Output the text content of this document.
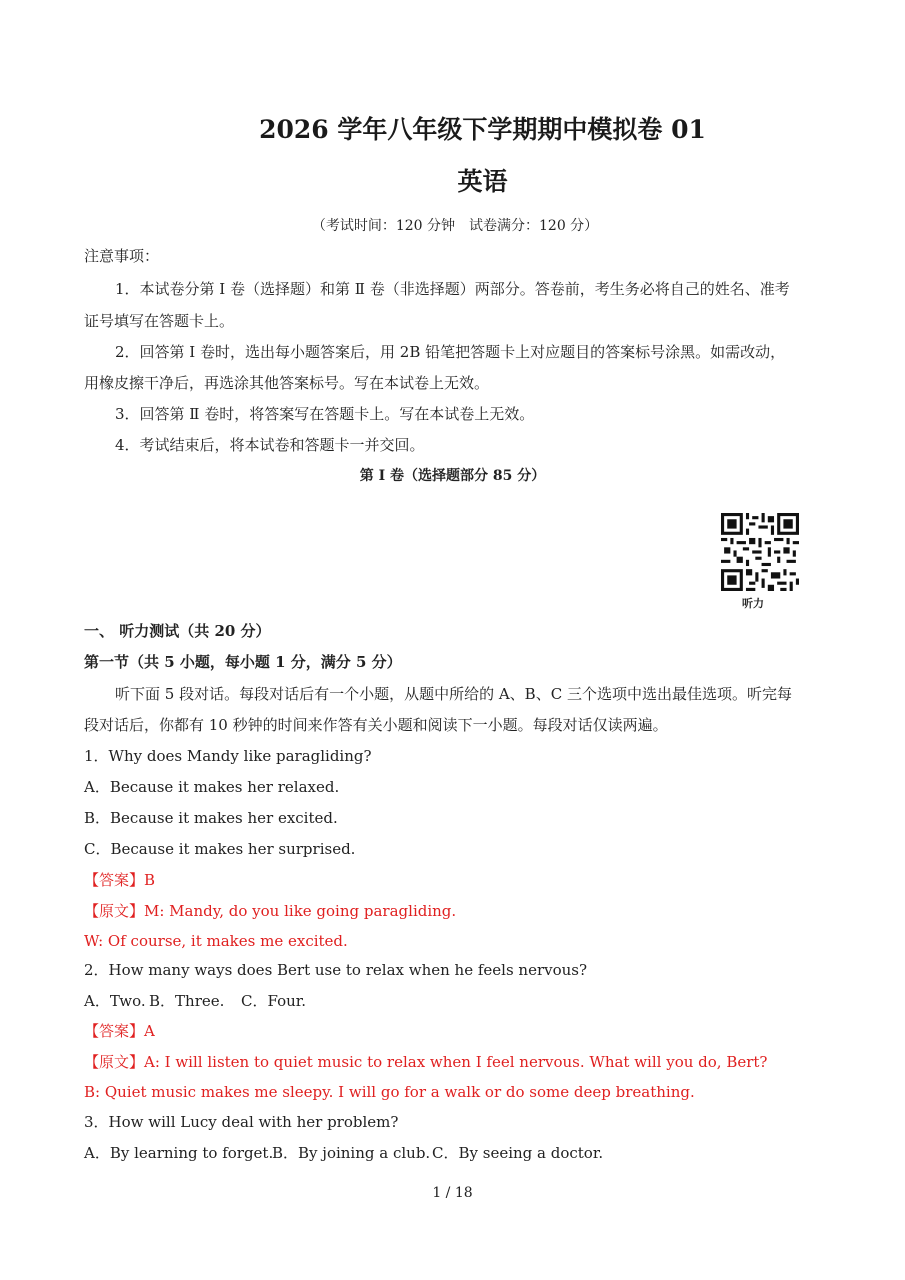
2026 学年八年级下学期期中模拟卷 01
英语
（考试时间：120 分钟　试卷满分：120 分）
注意事项：
1．本试卷分第 Ⅰ 卷（选择题）和第 Ⅱ 卷（非选择题）两部分。答卷前，考生务必将自己的姓名、准考
证号填写在答题卡上。
2．回答第 Ⅰ 卷时，选出每小题答案后，用 2B 铅笔把答题卡上对应题目的答案标号涂黑。如需改动，
用橡皮擦干净后，再选涂其他答案标号。写在本试卷上无效。
3．回答第 Ⅱ 卷时，将答案写在答题卡上。写在本试卷上无效。
4．考试结束后，将本试卷和答题卡一并交回。
第 I 卷（选择题部分 85 分）
听力
一、 听力测试（共 20 分）
第一节（共 5 小题，每小题 1 分，满分 5 分）
听下面 5 段对话。每段对话后有一个小题，从题中所给的 A、B、C 三个选项中选出最佳选项。听完每
段对话后，你都有 10 秒钟的时间来作答有关小题和阅读下一小题。每段对话仅读两遍。
1．Why does Mandy like paragliding?
A．Because it makes her relaxed.
B．Because it makes her excited.
C．Because it makes her surprised.
【答案】B
【原文】M: Mandy, do you like going paragliding.
W: Of course, it makes me excited.
2．How many ways does Bert use to relax when he feels nervous?
A．Two. B．Three. C．Four.
【答案】A
【原文】A: I will listen to quiet music to relax when I feel nervous. What will you do, Bert?
B: Quiet music makes me sleepy. I will go for a walk or do some deep breathing.
3．How will Lucy deal with her problem?
A．By learning to forget.
B．By joining a club. C．By seeing a doctor.
1 / 18
